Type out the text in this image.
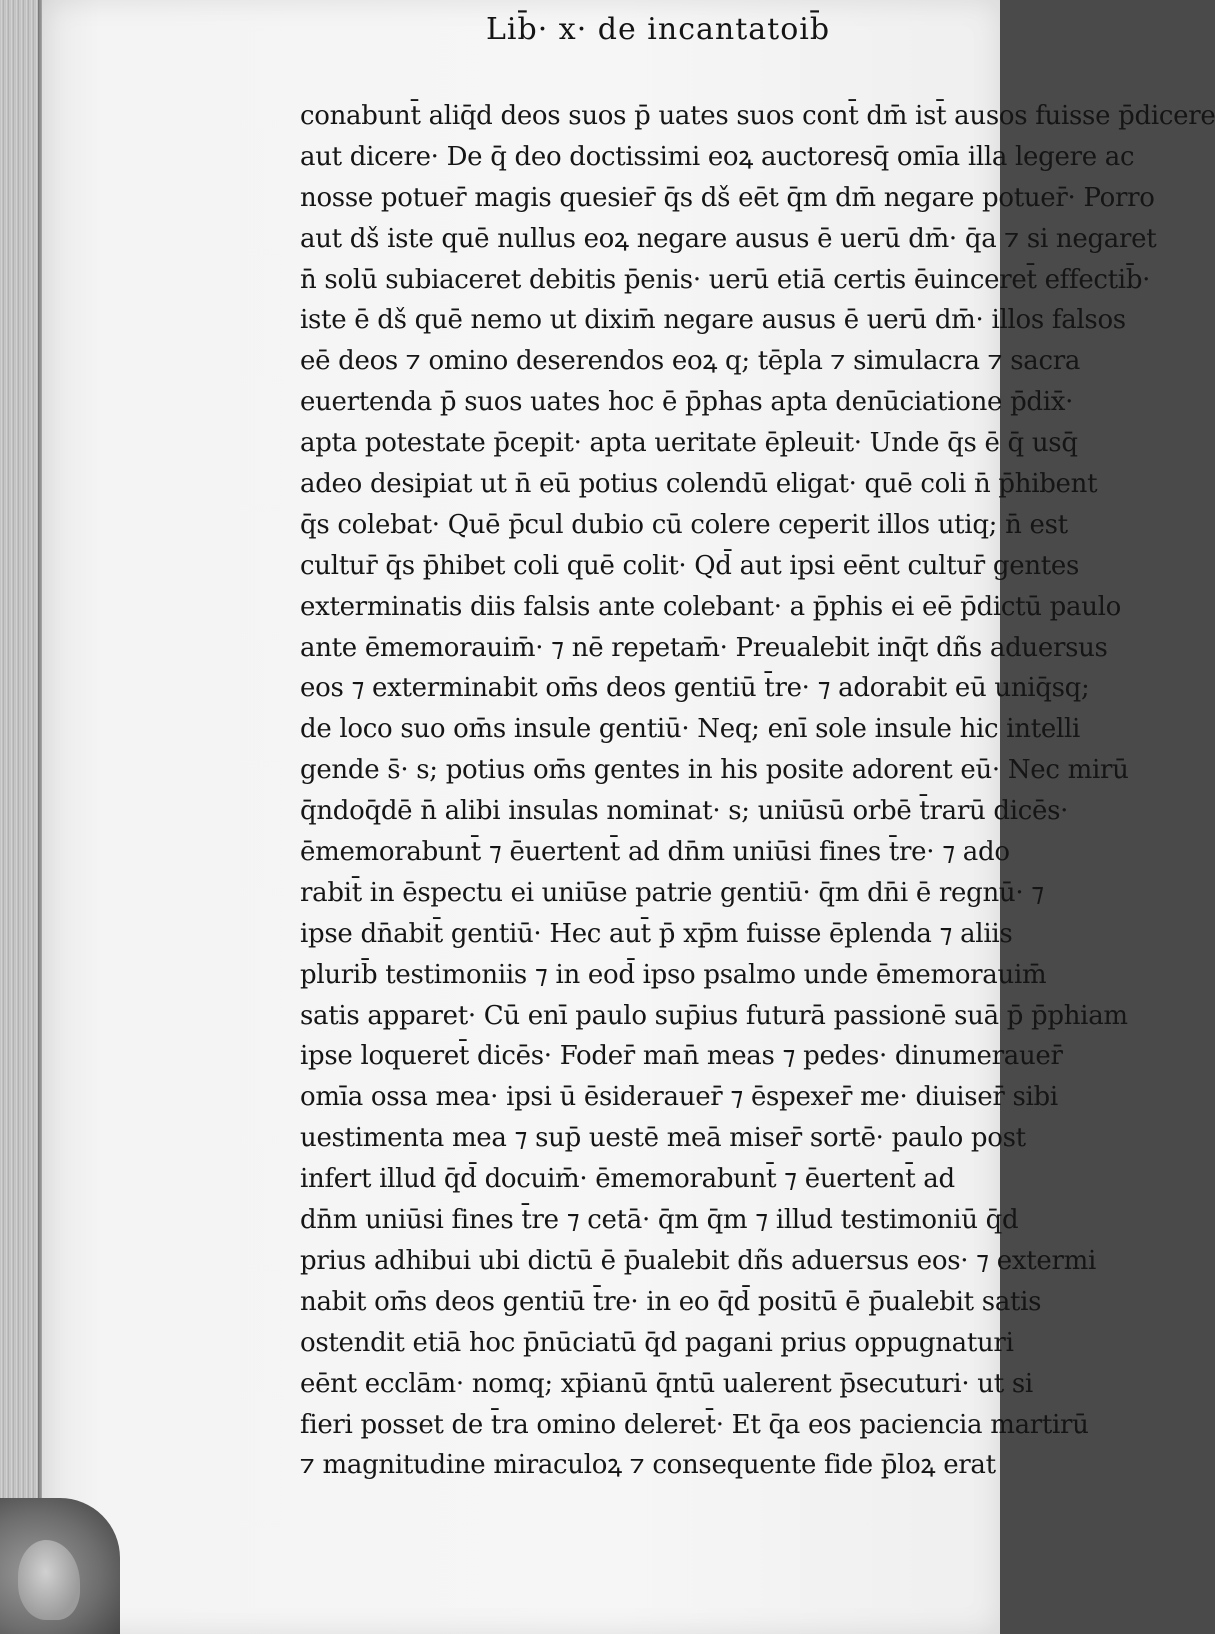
Lib̄· x· de incantatoib̄
conabunt̄ aliq̄d deos suos p̄ uates suos cont̄ dm̄ ist̄ ausos fuisse p̄dicere
aut dicere· De q̄ deo doctissimi eoꝝ auctoresq̄ omīa illa legere ac
nosse potuer̄ magis quesier̄ q̄s dš eēt q̄m dm̄ negare potuer̄· Porro
aut dš iste quē nullus eoꝝ negare ausus ē uerū dm̄· q̄a ⁊ si negaret
n̄ solū subiaceret debitis p̄enis· uerū etiā certis ēuinceret̄ effectib̄·
iste ē dš quē nemo ut dixim̄ negare ausus ē uerū dm̄· illos falsos
eē deos ⁊ omino deserendos eoꝝ q; tēpla ⁊ simulacra ⁊ sacra
euertenda p̄ suos uates hoc ē p̄phas apta denūciatione p̄dix̄·
apta potestate p̄cepit· apta ueritate ēpleuit· Unde q̄s ē q̄ usq̄
adeo desipiat ut n̄ eū potius colendū eligat· quē coli n̄ p̄hibent
q̄s colebat· Quē p̄cul dubio cū colere ceperit illos utiq; n̄ est
cultur̄ q̄s p̄hibet coli quē colit· Qd̄ aut ipsi eēnt cultur̄ gentes
exterminatis diis falsis ante colebant· a p̄phis ei eē p̄dictū paulo
ante ēmemorauim̄· ⁊ nē repetam̄· Preualebit inq̄t dñs aduersus
eos ⁊ exterminabit om̄s deos gentiū t̄re· ⁊ adorabit eū uniq̄sq;
de loco suo om̄s insule gentiū· Neq; enī sole insule hic intelli
gende s̄· s; potius om̄s gentes in his posite adorent eū· Nec mirū
q̄ndoq̄dē n̄ alibi insulas nominat· s; uniūsū orbē t̄rarū dicēs·
ēmemorabunt̄ ⁊ ēuertent̄ ad dn̄m uniūsi fines t̄re· ⁊ ado
rabit̄ in ēspectu ei uniūse patrie gentiū· q̄m dn̄i ē regnū· ⁊
ipse dn̄abit̄ gentiū· Hec aut̄ p̄ xp̄m fuisse ēplenda ⁊ aliis
plurib̄ testimoniis ⁊ in eod̄ ipso psalmo unde ēmemorauim̄
satis apparet· Cū enī paulo sup̄ius futurā passionē suā p̄ p̄phiam
ipse loqueret̄ dicēs· Foder̄ man̄ meas ⁊ pedes· dinumerauer̄
omīa ossa mea· ipsi ū ēsiderauer̄ ⁊ ēspexer̄ me· diuiser̄ sibi
uestimenta mea ⁊ sup̄ uestē meā miser̄ sortē· paulo post
infert illud q̄d̄ docuim̄· ēmemorabunt̄ ⁊ ēuertent̄ ad
dn̄m uniūsi fines t̄re ⁊ cetā· q̄m q̄m ⁊ illud testimoniū q̄d
prius adhibui ubi dictū ē p̄ualebit dñs aduersus eos· ⁊ extermi
nabit om̄s deos gentiū t̄re· in eo q̄d̄ positū ē p̄ualebit satis
ostendit etiā hoc p̄nūciatū q̄d pagani prius oppugnaturi
eēnt ecclām· nomq; xp̄ianū q̄ntū ualerent p̄secuturi· ut si
fieri posset de t̄ra omino deleret̄· Et q̄a eos paciencia martirū
⁊ magnitudine miraculoꝝ ⁊ consequente fide p̄loꝝ erat
